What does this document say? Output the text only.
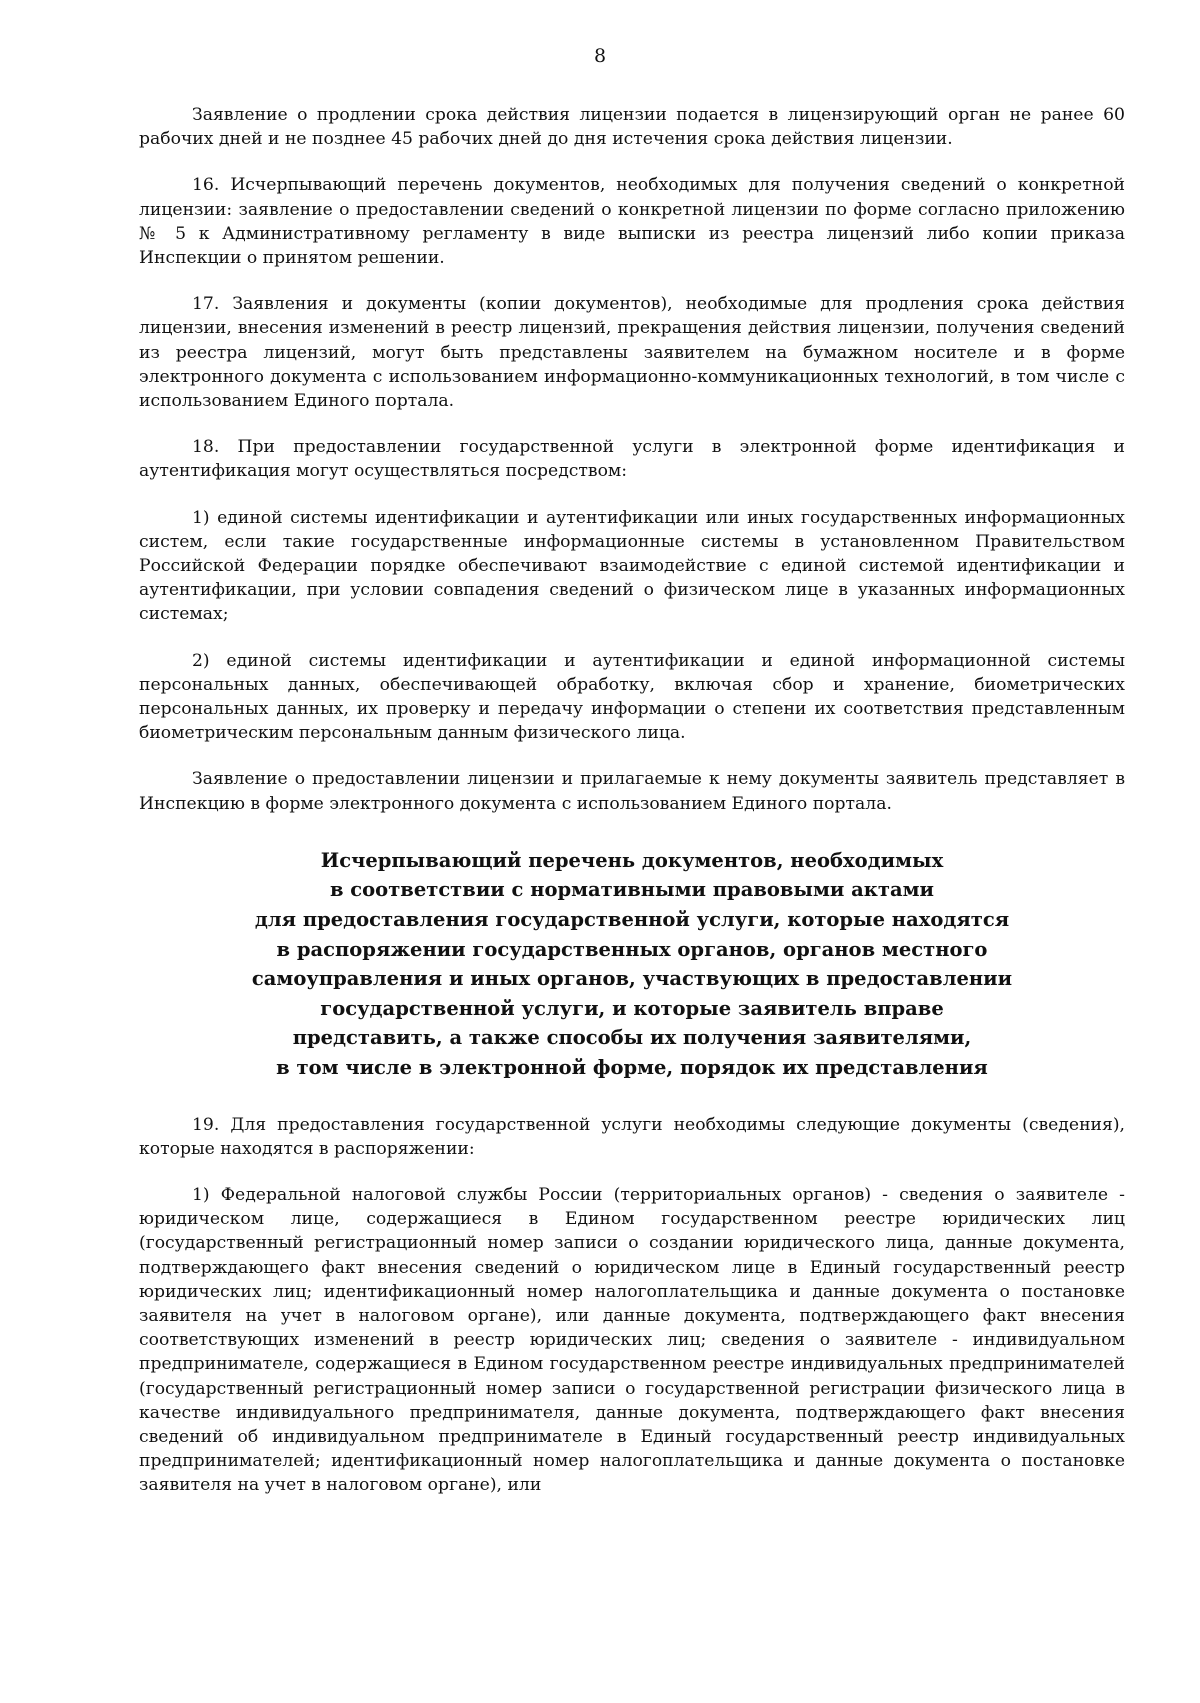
8

Заявление о продлении срока действия лицензии подается в лицензирующий орган не ранее 60 рабочих дней и не позднее 45 рабочих дней до дня истечения срока действия лицензии.

16. Исчерпывающий перечень документов, необходимых для получения сведений о конкретной лицензии: заявление о предоставлении сведений о конкретной лицензии по форме согласно приложению № 5 к Административному регламенту в виде выписки из реестра лицензий либо копии приказа Инспекции о принятом решении.

17. Заявления и документы (копии документов), необходимые для продления срока действия лицензии, внесения изменений в реестр лицензий, прекращения действия лицензии, получения сведений из реестра лицензий, могут быть представлены заявителем на бумажном носителе и в форме электронного документа с использованием информационно-коммуникационных технологий, в том числе с использованием Единого портала.

18. При предоставлении государственной услуги в электронной форме идентификация и аутентификация могут осуществляться посредством:

1) единой системы идентификации и аутентификации или иных государственных информационных систем, если такие государственные информационные системы в установленном Правительством Российской Федерации порядке обеспечивают взаимодействие с единой системой идентификации и аутентификации, при условии совпадения сведений о физическом лице в указанных информационных системах;

2) единой системы идентификации и аутентификации и единой информационной системы персональных данных, обеспечивающей обработку, включая сбор и хранение, биометрических персональных данных, их проверку и передачу информации о степени их соответствия представленным биометрическим персональным данным физического лица.

Заявление о предоставлении лицензии и прилагаемые к нему документы заявитель представляет в Инспекцию в форме электронного документа с использованием Единого портала.

Исчерпывающий перечень документов, необходимых
в соответствии с нормативными правовыми актами
для предоставления государственной услуги, которые находятся
в распоряжении государственных органов, органов местного
самоуправления и иных органов, участвующих в предоставлении
государственной услуги, и которые заявитель вправе
представить, а также способы их получения заявителями,
в том числе в электронной форме, порядок их представления

19. Для предоставления государственной услуги необходимы следующие документы (сведения), которые находятся в распоряжении:

1) Федеральной налоговой службы России (территориальных органов) - сведения о заявителе - юридическом лице, содержащиеся в Едином государственном реестре юридических лиц (государственный регистрационный номер записи о создании юридического лица, данные документа, подтверждающего факт внесения сведений о юридическом лице в Единый государственный реестр юридических лиц; идентификационный номер налогоплательщика и данные документа о постановке заявителя на учет в налоговом органе), или данные документа, подтверждающего факт внесения соответствующих изменений в реестр юридических лиц; сведения о заявителе - индивидуальном предпринимателе, содержащиеся в Едином государственном реестре индивидуальных предпринимателей (государственный регистрационный номер записи о государственной регистрации физического лица в качестве индивидуального предпринимателя, данные документа, подтверждающего факт внесения сведений об индивидуальном предпринимателе в Единый государственный реестр индивидуальных предпринимателей; идентификационный номер налогоплательщика и данные документа о постановке заявителя на учет в налоговом органе), или
